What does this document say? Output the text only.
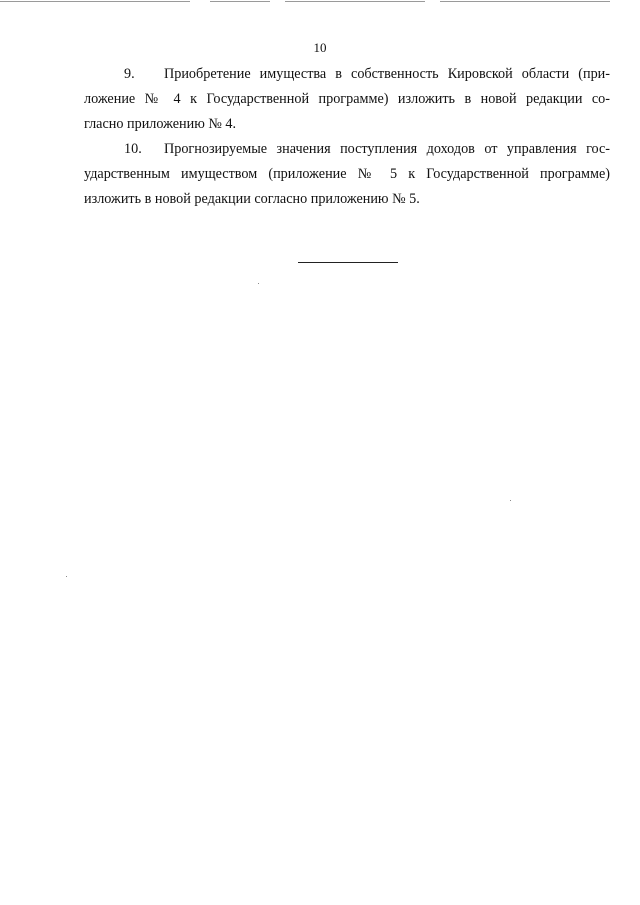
10
9. Приобретение имущества в собственность Кировской области (при-
ложение № 4 к Государственной программе) изложить в новой редакции со-
гласно приложению № 4.
10. Прогнозируемые значения поступления доходов от управления гос-
ударственным имуществом (приложение № 5 к Государственной программе)
изложить в новой редакции согласно приложению № 5.
